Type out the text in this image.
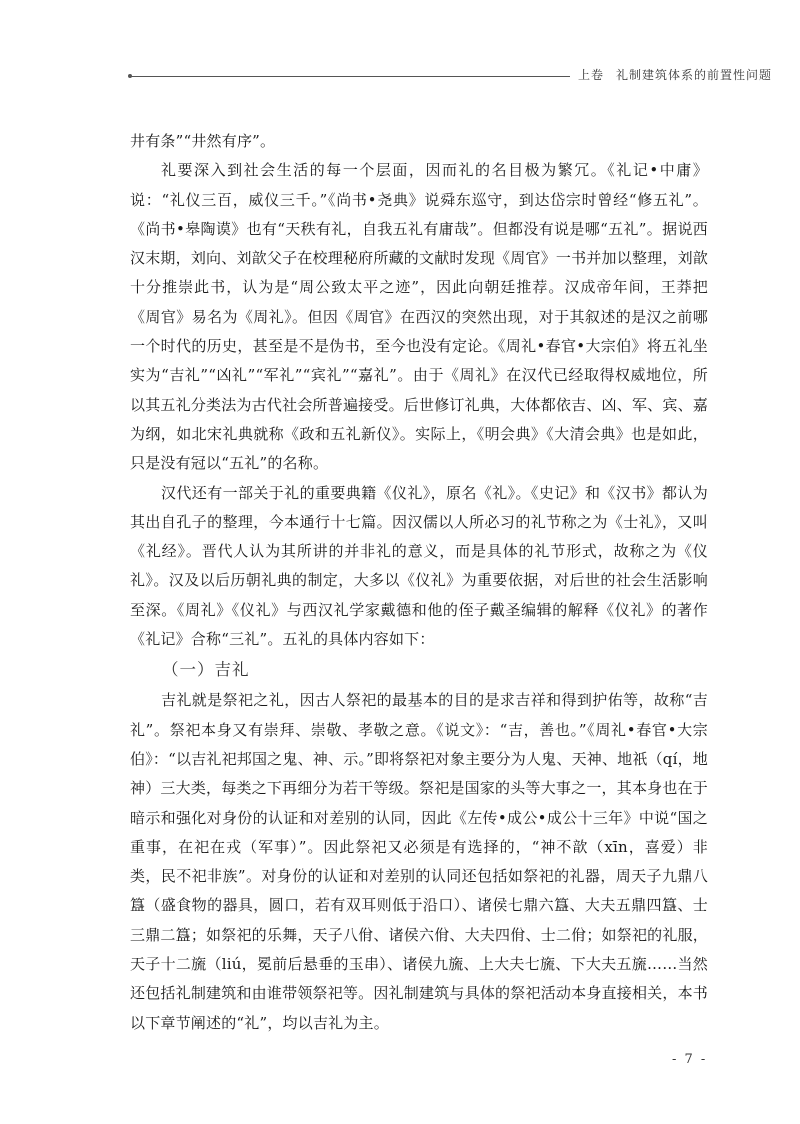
上卷 礼制建筑体系的前置性问题

井有条”“井然有序”。

礼要深入到社会生活的每一个层面，因而礼的名目极为繁冗。《礼记•中庸》说：“礼仪三百，威仪三千。”《尚书•尧典》说舜东巡守，到达岱宗时曾经“修五礼”。《尚书•皋陶谟》也有“天秩有礼，自我五礼有庸哉”。但都没有说是哪“五礼”。据说西汉末期，刘向、刘歆父子在校理秘府所藏的文献时发现《周官》一书并加以整理，刘歆十分推崇此书，认为是“周公致太平之迹”，因此向朝廷推荐。汉成帝年间，王莽把《周官》易名为《周礼》。但因《周官》在西汉的突然出现，对于其叙述的是汉之前哪一个时代的历史，甚至是不是伪书，至今也没有定论。《周礼•春官•大宗伯》将五礼坐实为“吉礼”“凶礼”“军礼”“宾礼”“嘉礼”。由于《周礼》在汉代已经取得权威地位，所以其五礼分类法为古代社会所普遍接受。后世修订礼典，大体都依吉、凶、军、宾、嘉为纲，如北宋礼典就称《政和五礼新仪》。实际上，《明会典》《大清会典》也是如此，只是没有冠以“五礼”的名称。

汉代还有一部关于礼的重要典籍《仪礼》，原名《礼》。《史记》和《汉书》都认为其出自孔子的整理，今本通行十七篇。因汉儒以人所必习的礼节称之为《士礼》，又叫《礼经》。晋代人认为其所讲的并非礼的意义，而是具体的礼节形式，故称之为《仪礼》。汉及以后历朝礼典的制定，大多以《仪礼》为重要依据，对后世的社会生活影响至深。《周礼》《仪礼》与西汉礼学家戴德和他的侄子戴圣编辑的解释《仪礼》的著作《礼记》合称“三礼”。五礼的具体内容如下：

（一）吉礼

吉礼就是祭祀之礼，因古人祭祀的最基本的目的是求吉祥和得到护佑等，故称“吉礼”。祭祀本身又有崇拜、崇敬、孝敬之意。《说文》：“吉，善也。”《周礼•春官•大宗伯》：“以吉礼祀邦国之鬼、神、示。”即将祭祀对象主要分为人鬼、天神、地祇（qí，地神）三大类，每类之下再细分为若干等级。祭祀是国家的头等大事之一，其本身也在于暗示和强化对身份的认证和对差别的认同，因此《左传•成公•成公十三年》中说“国之重事，在祀在戎（军事）”。因此祭祀又必须是有选择的，“神不歆（xīn，喜爱）非类，民不祀非族”。对身份的认证和对差别的认同还包括如祭祀的礼器，周天子九鼎八簋（盛食物的器具，圆口，若有双耳则低于沿口）、诸侯七鼎六簋、大夫五鼎四簋、士三鼎二簋；如祭祀的乐舞，天子八佾、诸侯六佾、大夫四佾、士二佾；如祭祀的礼服，天子十二旒（liú，冕前后悬垂的玉串）、诸侯九旒、上大夫七旒、下大夫五旒……当然还包括礼制建筑和由谁带领祭祀等。因礼制建筑与具体的祭祀活动本身直接相关，本书以下章节阐述的“礼”，均以吉礼为主。

- 7 -
